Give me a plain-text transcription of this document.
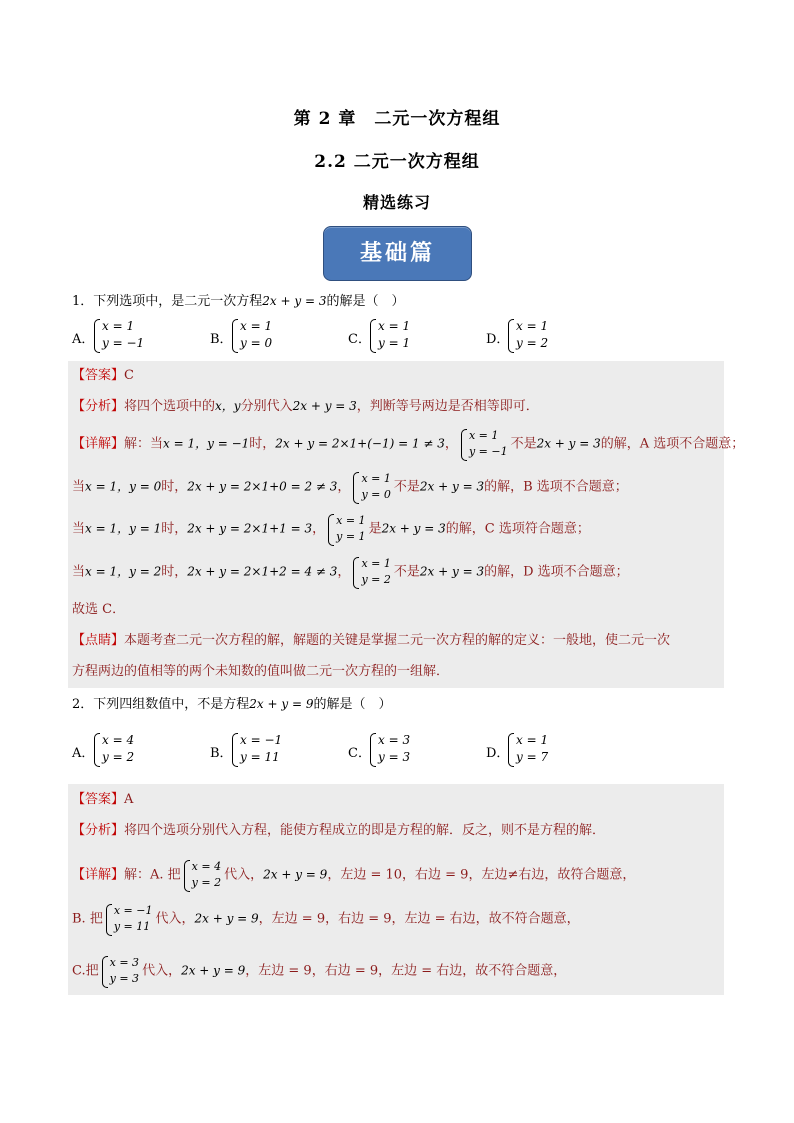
第 2 章　二元一次方程组
2.2 二元一次方程组
精选练习
基础篇
1．下列选项中，是二元一次方程2x + y = 3的解是（　）
A．
x = 1
y = −1	B．
x = 1
y = 0	C．
x = 1
y = 1	D．
x = 1
y = 2
【答案】C
【分析】将四个选项中的x，y分别代入2x + y = 3，判断等号两边是否相等即可．
【详解】解：当x = 1，y = −1时，2x + y = 2×1+(−1) = 1 ≠ 3，
x = 1
y = −1 不是2x + y = 3的解，A 选项不合题意；
当x = 1，y = 0时，2x + y = 2×1+0 = 2 ≠ 3，
x = 1
y = 0 不是2x + y = 3的解，B 选项不合题意；
当x = 1，y = 1时，2x + y = 2×1+1 = 3，
x = 1
y = 1 是2x + y = 3的解，C 选项符合题意；
当x = 1，y = 2时，2x + y = 2×1+2 = 4 ≠ 3，
x = 1
y = 2 不是2x + y = 3的解，D 选项不合题意；
故选 C．
【点睛】本题考查二元一次方程的解，解题的关键是掌握二元一次方程的解的定义：一般地，使二元一次
方程两边的值相等的两个未知数的值叫做二元一次方程的一组解．
2．下列四组数值中，不是方程2x + y = 9的解是（　）
A．
x = 4
y = 2	B．
x = −1
y = 11	C．
x = 3
y = 3	D．
x = 1
y = 7
【答案】A
【分析】将四个选项分别代入方程，能使方程成立的即是方程的解．反之，则不是方程的解．
【详解】解：A. 把
x = 4
y = 2 代入，2x + y = 9，左边 = 10，右边 = 9，左边≠右边，故符合题意，
B. 把
x = −1
y = 11 代入，2x + y = 9，左边 = 9，右边 = 9，左边 = 右边，故不符合题意，
C.把
x = 3
y = 3 代入，2x + y = 9，左边 = 9，右边 = 9，左边 = 右边，故不符合题意，
